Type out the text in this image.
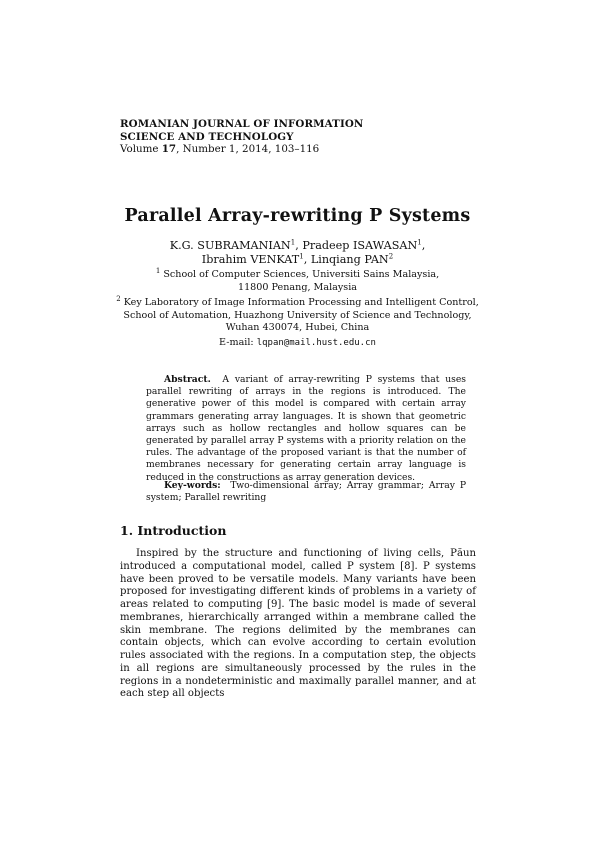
ROMANIAN JOURNAL OF INFORMATION
SCIENCE AND TECHNOLOGY
Volume 17, Number 1, 2014, 103–116
Parallel Array-rewriting P Systems
K.G. SUBRAMANIAN$^1$, Pradeep ISAWASAN$^1$,
Ibrahim VENKAT$^1$, Linqiang PAN$^2$
$^1$ School of Computer Sciences, Universiti Sains Malaysia,
11800 Penang, Malaysia
$^2$ Key Laboratory of Image Information Processing and Intelligent Control,
School of Automation, Huazhong University of Science and Technology,
Wuhan 430074, Hubei, China
E-mail: lqpan@mail.hust.edu.cn
Abstract. A variant of array-rewriting P systems that uses parallel rewriting of arrays in the regions is introduced. The generative power of this model is compared with certain array grammars generating array languages. It is shown that geometric arrays such as hollow rectangles and hollow squares can be generated by parallel array P systems with a priority relation on the rules. The advantage of the proposed variant is that the number of membranes necessary for generating certain array language is reduced in the constructions as array generation devices.
Key-words: Two-dimensional array; Array grammar; Array P system; Parallel rewriting
1. Introduction
Inspired by the structure and functioning of living cells, Păun introduced a computational model, called P system [8]. P systems have been proved to be versatile models. Many variants have been proposed for investigating different kinds of problems in a variety of areas related to computing [9]. The basic model is made of several membranes, hierarchically arranged within a membrane called the skin membrane. The regions delimited by the membranes can contain objects, which can evolve according to certain evolution rules associated with the regions. In a computation step, the objects in all regions are simultaneously processed by the rules in the regions in a nondeterministic and maximally parallel manner, and at each step all objects
